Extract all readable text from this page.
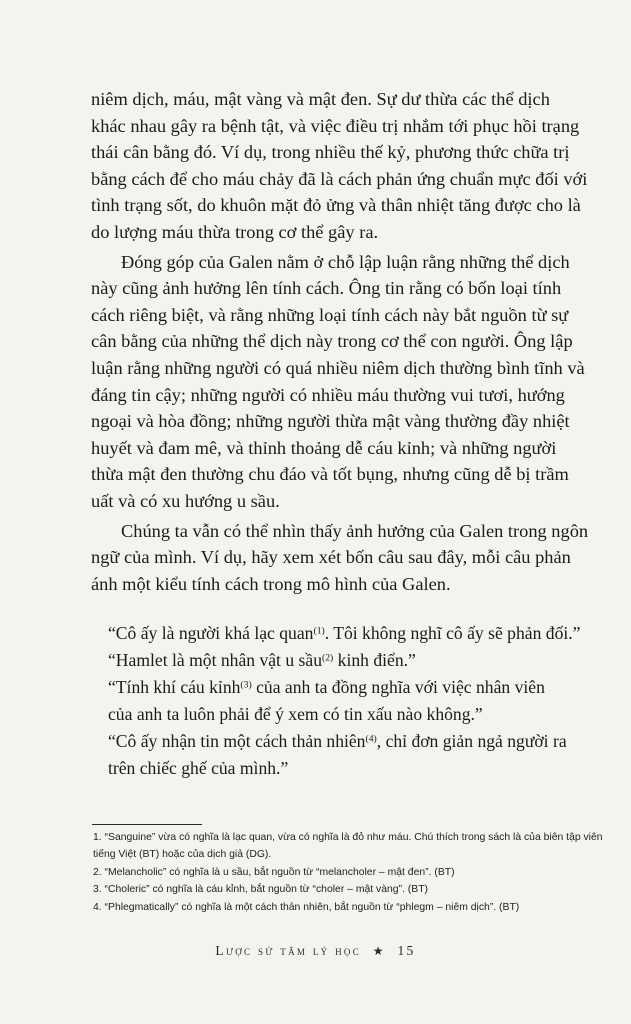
niêm dịch, máu, mật vàng và mật đen. Sự dư thừa các thể dịch khác nhau gây ra bệnh tật, và việc điều trị nhắm tới phục hồi trạng thái cân bằng đó. Ví dụ, trong nhiều thế kỷ, phương thức chữa trị bằng cách để cho máu chảy đã là cách phản ứng chuẩn mực đối với tình trạng sốt, do khuôn mặt đỏ ửng và thân nhiệt tăng được cho là do lượng máu thừa trong cơ thể gây ra.

Đóng góp của Galen nằm ở chỗ lập luận rằng những thể dịch này cũng ảnh hưởng lên tính cách. Ông tin rằng có bốn loại tính cách riêng biệt, và rằng những loại tính cách này bắt nguồn từ sự cân bằng của những thể dịch này trong cơ thể con người. Ông lập luận rằng những người có quá nhiều niêm dịch thường bình tĩnh và đáng tin cậy; những người có nhiều máu thường vui tươi, hướng ngoại và hòa đồng; những người thừa mật vàng thường đầy nhiệt huyết và đam mê, và thỉnh thoảng dễ cáu kỉnh; và những người thừa mật đen thường chu đáo và tốt bụng, nhưng cũng dễ bị trầm uất và có xu hướng u sầu.

Chúng ta vẫn có thể nhìn thấy ảnh hưởng của Galen trong ngôn ngữ của mình. Ví dụ, hãy xem xét bốn câu sau đây, mỗi câu phản ánh một kiểu tính cách trong mô hình của Galen.

“Cô ấy là người khá lạc quan$^{(1)}$. Tôi không nghĩ cô ấy sẽ phản đối.”

“Hamlet là một nhân vật u sầu$^{(2)}$ kinh điển.”

“Tính khí cáu kỉnh$^{(3)}$ của anh ta đồng nghĩa với việc nhân viên của anh ta luôn phải để ý xem có tin xấu nào không.”

“Cô ấy nhận tin một cách thản nhiên$^{(4)}$, chỉ đơn giản ngả người ra trên chiếc ghế của mình.”

1. “Sanguine” vừa có nghĩa là lạc quan, vừa có nghĩa là đỏ như máu. Chú thích trong sách là của biên tập viên tiếng Việt (BT) hoặc của dịch giả (DG).

2. “Melancholic” có nghĩa là u sầu, bắt nguồn từ “melancholer – mật đen”. (BT)

3. “Choleric” có nghĩa là cáu kỉnh, bắt nguồn từ “choler – mật vàng”. (BT)

4. “Phlegmatically” có nghĩa là một cách thản nhiên, bắt nguồn từ “phlegm – niêm dịch”. (BT)

Lược sử tâm lý học ★ 15
